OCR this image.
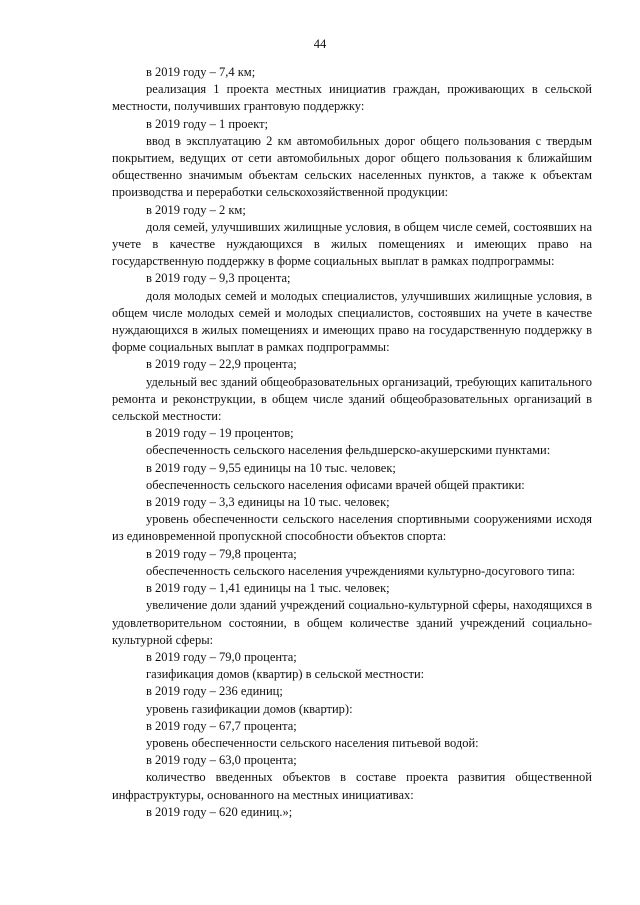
44

в 2019 году – 7,4 км;

реализация 1 проекта местных инициатив граждан, проживающих в сельской местности, получивших грантовую поддержку:

в 2019 году – 1 проект;

ввод в эксплуатацию 2 км автомобильных дорог общего пользования с твердым покрытием, ведущих от сети автомобильных дорог общего пользования к ближайшим общественно значимым объектам сельских населенных пунктов, а также к объектам производства и переработки сельскохозяйственной продукции:

в 2019 году – 2 км;

доля семей, улучшивших жилищные условия, в общем числе семей, состоявших на учете в качестве нуждающихся в жилых помещениях и имеющих право на государственную поддержку в форме социальных выплат в рамках подпрограммы:

в 2019 году – 9,3 процента;

доля молодых семей и молодых специалистов, улучшивших жилищные условия, в общем числе молодых семей и молодых специалистов, состоявших на учете в качестве нуждающихся в жилых помещениях и имеющих право на государственную поддержку в форме социальных выплат в рамках подпрограммы:

в 2019 году – 22,9 процента;

удельный вес зданий общеобразовательных организаций, требующих капитального ремонта и реконструкции, в общем числе зданий общеобразовательных организаций в сельской местности:

в 2019 году – 19 процентов;

обеспеченность сельского населения фельдшерско-акушерскими пунктами:

в 2019 году – 9,55 единицы на 10 тыс. человек;

обеспеченность сельского населения офисами врачей общей практики:

в 2019 году – 3,3 единицы на 10 тыс. человек;

уровень обеспеченности сельского населения спортивными сооружениями исходя из единовременной пропускной способности объектов спорта:

в 2019 году – 79,8 процента;

обеспеченность сельского населения учреждениями культурно-досугового типа:

в 2019 году – 1,41 единицы на 1 тыс. человек;

увеличение доли зданий учреждений социально-культурной сферы, находящихся в удовлетворительном состоянии, в общем количестве зданий учреждений социально-культурной сферы:

в 2019 году – 79,0 процента;

газификация домов (квартир) в сельской местности:

в 2019 году – 236 единиц;

уровень газификации домов (квартир):

в 2019 году – 67,7 процента;

уровень обеспеченности сельского населения питьевой водой:

в 2019 году – 63,0 процента;

количество введенных объектов в составе проекта развития общественной инфраструктуры, основанного на местных инициативах:

в 2019 году – 620 единиц.»;
